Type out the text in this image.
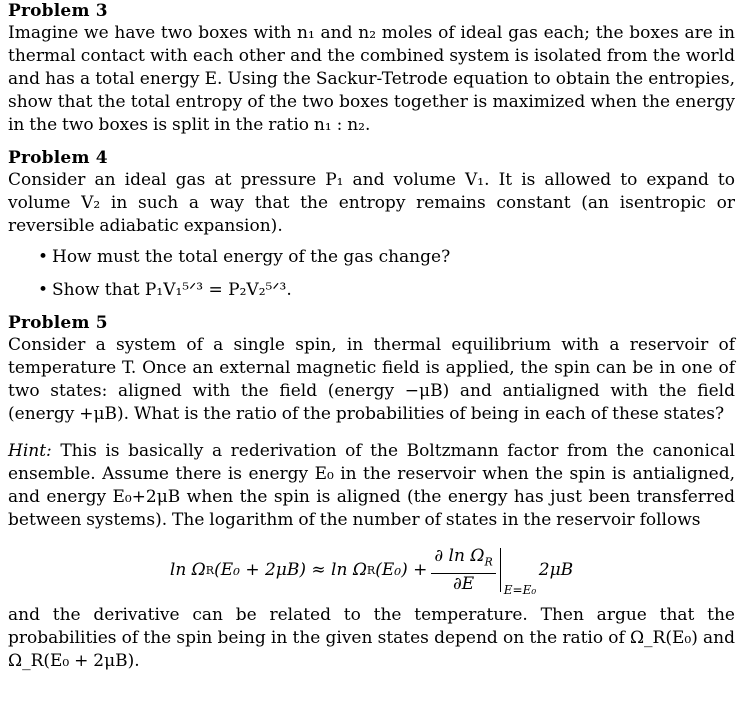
Problem 3

Imagine we have two boxes with n₁ and n₂ moles of ideal gas each; the boxes are in thermal contact with each other and the combined system is isolated from the world and has a total energy E. Using the Sackur-Tetrode equation to obtain the entropies, show that the total entropy of the two boxes together is maximized when the energy in the two boxes is split in the ratio n₁ : n₂.

Problem 4

Consider an ideal gas at pressure P₁ and volume V₁. It is allowed to expand to volume V₂ in such a way that the entropy remains constant (an isentropic or reversible adiabatic expansion).

• How must the total energy of the gas change?
• Show that P₁V₁⁵ᐟ³ = P₂V₂⁵ᐟ³.

Problem 5

Consider a system of a single spin, in thermal equilibrium with a reservoir of temperature T. Once an external magnetic field is applied, the spin can be in one of two states: aligned with the field (energy −μB) and antialigned with the field (energy +μB). What is the ratio of the probabilities of being in each of these states?

Hint: This is basically a rederivation of the Boltzmann factor from the canonical ensemble. Assume there is energy E₀ in the reservoir when the spin is antialigned, and energy E₀+2μB when the spin is aligned (the energy has just been transferred between systems). The logarithm of the number of states in the reservoir follows

ln Ω R (E₀ + 2μB) ≈ ln Ω R $(E_0) + \frac{\partial \ln \Omega_R}{\partial E} E=E_0$
2μB

and the derivative can be related to the temperature. Then argue that the probabilities of the spin being in the given states depend on the ratio of Ω_R(E₀) and Ω_R(E₀ + 2μB).
